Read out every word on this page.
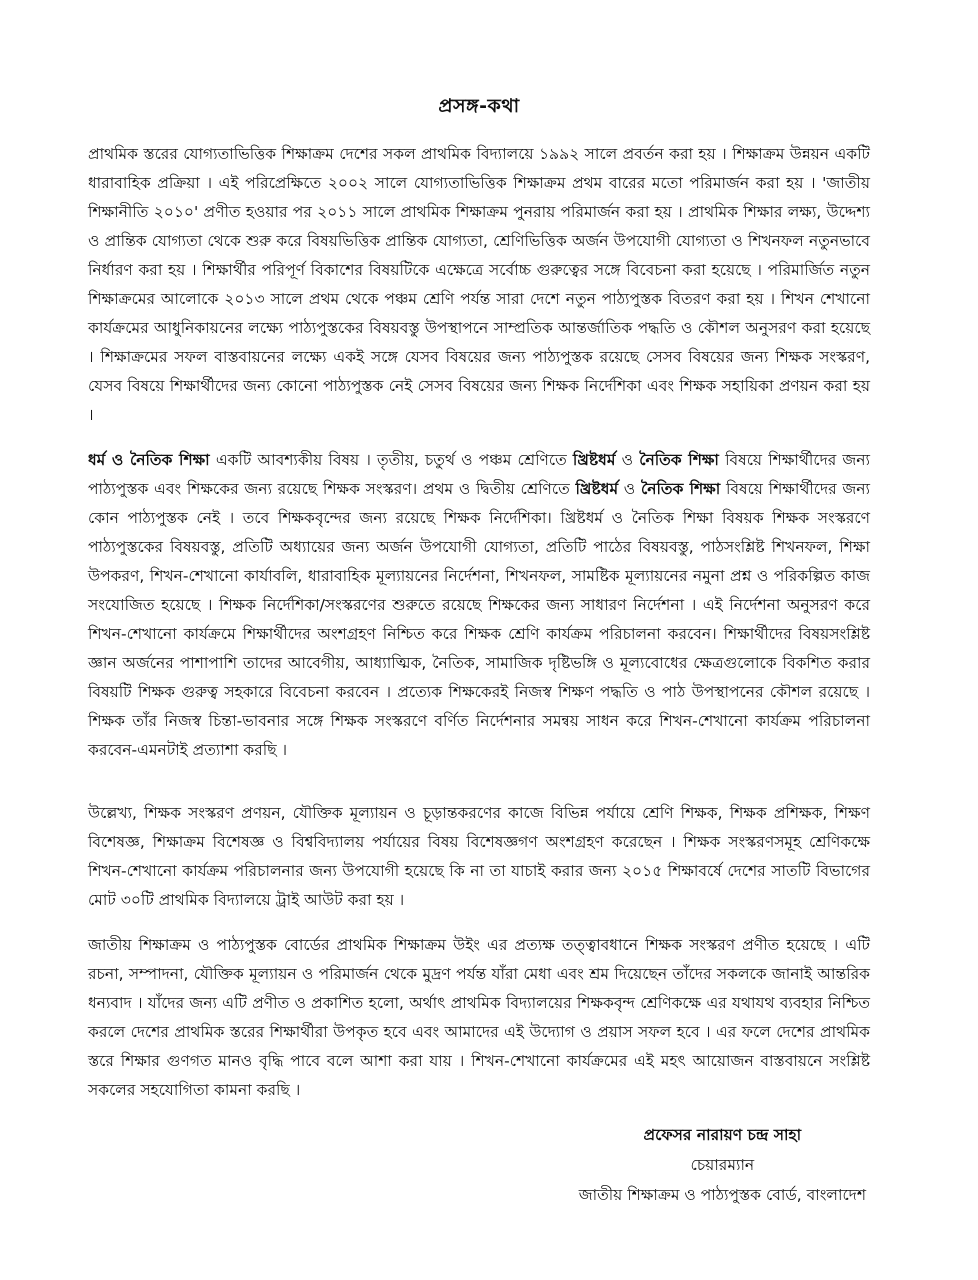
প্রসঙ্গ-কথা

প্রাথমিক স্তরের যোগ্যতাভিত্তিক শিক্ষাক্রম দেশের সকল প্রাথমিক বিদ্যালয়ে ১৯৯২ সালে প্রবর্তন করা হয় । শিক্ষাক্রম উন্নয়ন একটি ধারাবাহিক প্রক্রিয়া । এই পরিপ্রেক্ষিতে ২০০২ সালে যোগ্যতাভিত্তিক শিক্ষাক্রম প্রথম বারের মতো পরিমার্জন করা হয় । 'জাতীয় শিক্ষানীতি ২০১০' প্রণীত হওয়ার পর ২০১১ সালে প্রাথমিক শিক্ষাক্রম পুনরায় পরিমার্জন করা হয় । প্রাথমিক শিক্ষার লক্ষ্য, উদ্দেশ্য ও প্রান্তিক যোগ্যতা থেকে শুরু করে বিষয়ভিত্তিক প্রান্তিক যোগ্যতা, শ্রেণিভিত্তিক অর্জন উপযোগী যোগ্যতা ও শিখনফল নতুনভাবে নির্ধারণ করা হয় । শিক্ষার্থীর পরিপূর্ণ বিকাশের বিষয়টিকে এক্ষেত্রে সর্বোচ্চ গুরুত্বের সঙ্গে বিবেচনা করা হয়েছে । পরিমার্জিত নতুন শিক্ষাক্রমের আলোকে ২০১৩ সালে প্রথম থেকে পঞ্চম শ্রেণি পর্যন্ত সারা দেশে নতুন পাঠ্যপুস্তক বিতরণ করা হয় । শিখন শেখানো কার্যক্রমের আধুনিকায়নের লক্ষ্যে পাঠ্যপুস্তকের বিষয়বস্তু উপস্থাপনে সাম্প্রতিক আন্তর্জাতিক পদ্ধতি ও কৌশল অনুসরণ করা হয়েছে । শিক্ষাক্রমের সফল বাস্তবায়নের লক্ষ্যে একই সঙ্গে যেসব বিষয়ের জন্য পাঠ্যপুস্তক রয়েছে সেসব বিষয়ের জন্য শিক্ষক সংস্করণ, যেসব বিষয়ে শিক্ষার্থীদের জন্য কোনো পাঠ্যপুস্তক নেই সেসব বিষয়ের জন্য শিক্ষক নির্দেশিকা এবং শিক্ষক সহায়িকা প্রণয়ন করা হয় ।

ধর্ম ও নৈতিক শিক্ষা একটি আবশ্যকীয় বিষয় । তৃতীয়, চতুর্থ ও পঞ্চম শ্রেণিতে খ্রিষ্টধর্ম ও নৈতিক শিক্ষা বিষয়ে শিক্ষার্থীদের জন্য পাঠ্যপুস্তক এবং শিক্ষকের জন্য রয়েছে শিক্ষক সংস্করণ। প্রথম ও দ্বিতীয় শ্রেণিতে খ্রিষ্টধর্ম ও নৈতিক শিক্ষা বিষয়ে শিক্ষার্থীদের জন্য কোন পাঠ্যপুস্তক নেই । তবে শিক্ষকবৃন্দের জন্য রয়েছে শিক্ষক নির্দেশিকা। খ্রিষ্টধর্ম ও নৈতিক শিক্ষা বিষয়ক শিক্ষক সংস্করণে পাঠ্যপুস্তকের বিষয়বস্তু, প্রতিটি অধ্যায়ের জন্য অর্জন উপযোগী যোগ্যতা, প্রতিটি পাঠের বিষয়বস্তু, পাঠসংশ্লিষ্ট শিখনফল, শিক্ষা উপকরণ, শিখন-শেখানো কার্যাবলি, ধারাবাহিক মূল্যায়নের নির্দেশনা, শিখনফল, সামষ্টিক মূল্যায়নের নমুনা প্রশ্ন ও পরিকল্পিত কাজ সংযোজিত হয়েছে । শিক্ষক নির্দেশিকা/সংস্করণের শুরুতে রয়েছে শিক্ষকের জন্য সাধারণ নির্দেশনা । এই নির্দেশনা অনুসরণ করে শিখন-শেখানো কার্যক্রমে শিক্ষার্থীদের অংশগ্রহণ নিশ্চিত করে শিক্ষক শ্রেণি কার্যক্রম পরিচালনা করবেন। শিক্ষার্থীদের বিষয়সংশ্লিষ্ট জ্ঞান অর্জনের পাশাপাশি তাদের আবেগীয়, আধ্যাত্মিক, নৈতিক, সামাজিক দৃষ্টিভঙ্গি ও মূল্যবোধের ক্ষেত্রগুলোকে বিকশিত করার বিষয়টি শিক্ষক গুরুত্ব সহকারে বিবেচনা করবেন । প্রত্যেক শিক্ষকেরই নিজস্ব শিক্ষণ পদ্ধতি ও পাঠ উপস্থাপনের কৌশল রয়েছে । শিক্ষক তাঁর নিজস্ব চিন্তা-ভাবনার সঙ্গে শিক্ষক সংস্করণে বর্ণিত নির্দেশনার সমন্বয় সাধন করে শিখন-শেখানো কার্যক্রম পরিচালনা করবেন-এমনটাই প্রত্যাশা করছি ।

উল্লেখ্য, শিক্ষক সংস্করণ প্রণয়ন, যৌক্তিক মূল্যায়ন ও চূড়ান্তকরণের কাজে বিভিন্ন পর্যায়ে শ্রেণি শিক্ষক, শিক্ষক প্রশিক্ষক, শিক্ষণ বিশেষজ্ঞ, শিক্ষাক্রম বিশেষজ্ঞ ও বিশ্ববিদ্যালয় পর্যায়ের বিষয় বিশেষজ্ঞগণ অংশগ্রহণ করেছেন । শিক্ষক সংস্করণসমূহ শ্রেণিকক্ষে শিখন-শেখানো কার্যক্রম পরিচালনার জন্য উপযোগী হয়েছে কি না তা যাচাই করার জন্য ২০১৫ শিক্ষাবর্ষে দেশের সাতটি বিভাগের মোট ৩০টি প্রাথমিক বিদ্যালয়ে ট্রাই আউট করা হয় ।

জাতীয় শিক্ষাক্রম ও পাঠ্যপুস্তক বোর্ডের প্রাথমিক শিক্ষাক্রম উইং এর প্রত্যক্ষ তত্ত্বাবধানে শিক্ষক সংস্করণ প্রণীত হয়েছে । এটি রচনা, সম্পাদনা, যৌক্তিক মূল্যায়ন ও পরিমার্জন থেকে মুদ্রণ পর্যন্ত যাঁরা মেধা এবং শ্রম দিয়েছেন তাঁদের সকলকে জানাই আন্তরিক ধন্যবাদ । যাঁদের জন্য এটি প্রণীত ও প্রকাশিত হলো, অর্থাৎ প্রাথমিক বিদ্যালয়ের শিক্ষকবৃন্দ শ্রেণিকক্ষে এর যথাযথ ব্যবহার নিশ্চিত করলে দেশের প্রাথমিক স্তরের শিক্ষার্থীরা উপকৃত হবে এবং আমাদের এই উদ্যোগ ও প্রয়াস সফল হবে । এর ফলে দেশের প্রাথমিক স্তরে শিক্ষার গুণগত মানও বৃদ্ধি পাবে বলে আশা করা যায় । শিখন-শেখানো কার্যক্রমের এই মহৎ আয়োজন বাস্তবায়নে সংশ্লিষ্ট সকলের সহযোগিতা কামনা করছি ।

প্রফেসর নারায়ণ চন্দ্র সাহা
চেয়ারম্যান
জাতীয় শিক্ষাক্রম ও পাঠ্যপুস্তক বোর্ড, বাংলাদেশ
